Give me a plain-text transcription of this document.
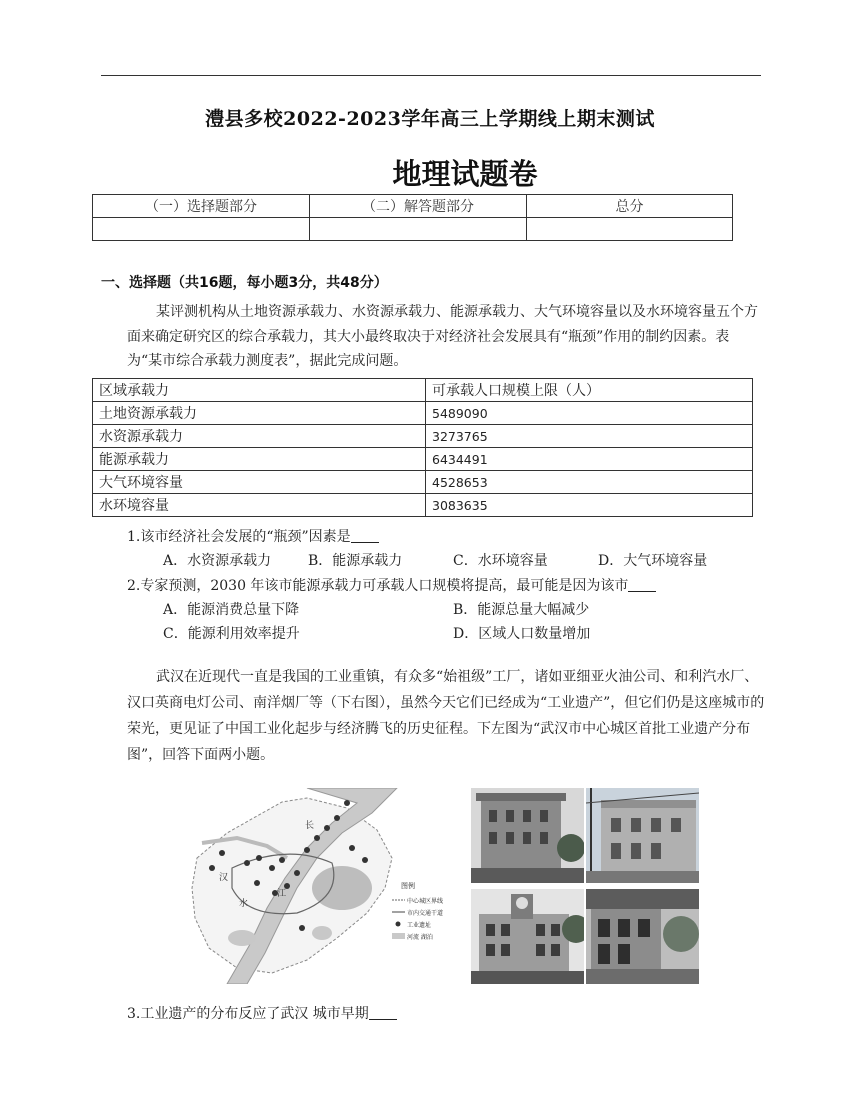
澧县多校2022-2023学年高三上学期线上期末测试
地理试题卷
（一）选择题部分	（二）解答题部分	总分

一、选择题（共16题，每小题3分，共48分）
某评测机构从土地资源承载力、水资源承载力、能源承载力、大气环境容量以及水环境容量五个方面来确定研究区的综合承载力，其大小最终取决于对经济社会发展具有“瓶颈”作用的制约因素。表为“某市综合承载力测度表”，据此完成问题。
区域承载力	可承载人口规模上限（人）
土地资源承载力	5489090
水资源承载力	3273765
能源承载力	6434491
大气环境容量	4528653
水环境容量	3083635
1.该市经济社会发展的“瓶颈”因素是
A．水资源承载力	B．能源承载力	C．水环境容量	D．大气环境容量
2.专家预测，2030 年该市能源承载力可承载人口规模将提高，最可能是因为该市
A．能源消费总量下降	B．能源总量大幅减少
C．能源利用效率提升	D．区域人口数量增加
武汉在近现代一直是我国的工业重镇，有众多“始祖级”工厂，诸如亚细亚火油公司、和利汽水厂、汉口英商电灯公司、南洋烟厂等（下右图），虽然今天它们已经成为“工业遗产”，但它们仍是这座城市的荣光，更见证了中国工业化起步与经济腾飞的历史征程。下左图为“武汉市中心城区首批工业遗产分布图”，回答下面两小题。
长
江
汉
水
图例
中心城区界线
市内交通干道
工业遗址
河流 湖泊
3.工业遗产的分布反应了武汉 城市早期
